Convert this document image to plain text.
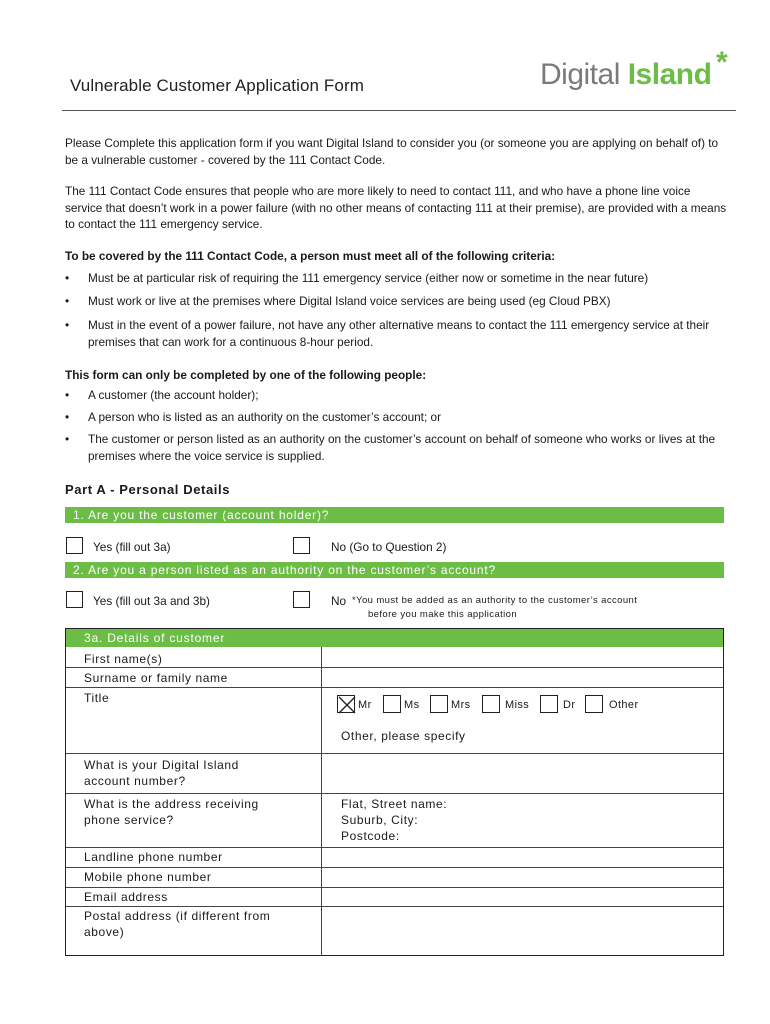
Vulnerable Customer Application Form	Digital Island *
Please Complete this application form if you want Digital Island to consider you (or someone you are applying on behalf of) to be a vulnerable customer - covered by the 111 Contact Code.
The 111 Contact Code ensures that people who are more likely to need to contact 111, and who have a phone line voice service that doesn’t work in a power failure (with no other means of contacting 111 at their premise), are provided with a means to contact the 111 emergency service.
To be covered by the 111 Contact Code, a person must meet all of the following criteria:
• Must be at particular risk of requiring the 111 emergency service (either now or sometime in the near future)
• Must work or live at the premises where Digital Island voice services are being used (eg Cloud PBX)
• Must in the event of a power failure, not have any other alternative means to contact the 111 emergency service at their premises that can work for a continuous 8-hour period.
This form can only be completed by one of the following people:
• A customer (the account holder);
• A person who is listed as an authority on the customer’s account; or
• The customer or person listed as an authority on the customer’s account on behalf of someone who works or lives at the premises where the voice service is supplied.
Part A - Personal Details
1. Are you the customer (account holder)?
Yes (fill out 3a)	No (Go to Question 2)
2. Are you a person listed as an authority on the customer’s account?
Yes (fill out 3a and 3b)	No *You must be added as an authority to the customer’s account
before you make this application
3a. Details of customer
First name(s)
Surname or family name
Title	Mr	Ms	Mrs	Miss	Dr	Other
Other, please specify
What is your Digital Island
account number?
What is the address receiving
phone service?
Flat, Street name:
Suburb, City:
Postcode:
Landline phone number
Mobile phone number
Email address
Postal address (if different from
above)
